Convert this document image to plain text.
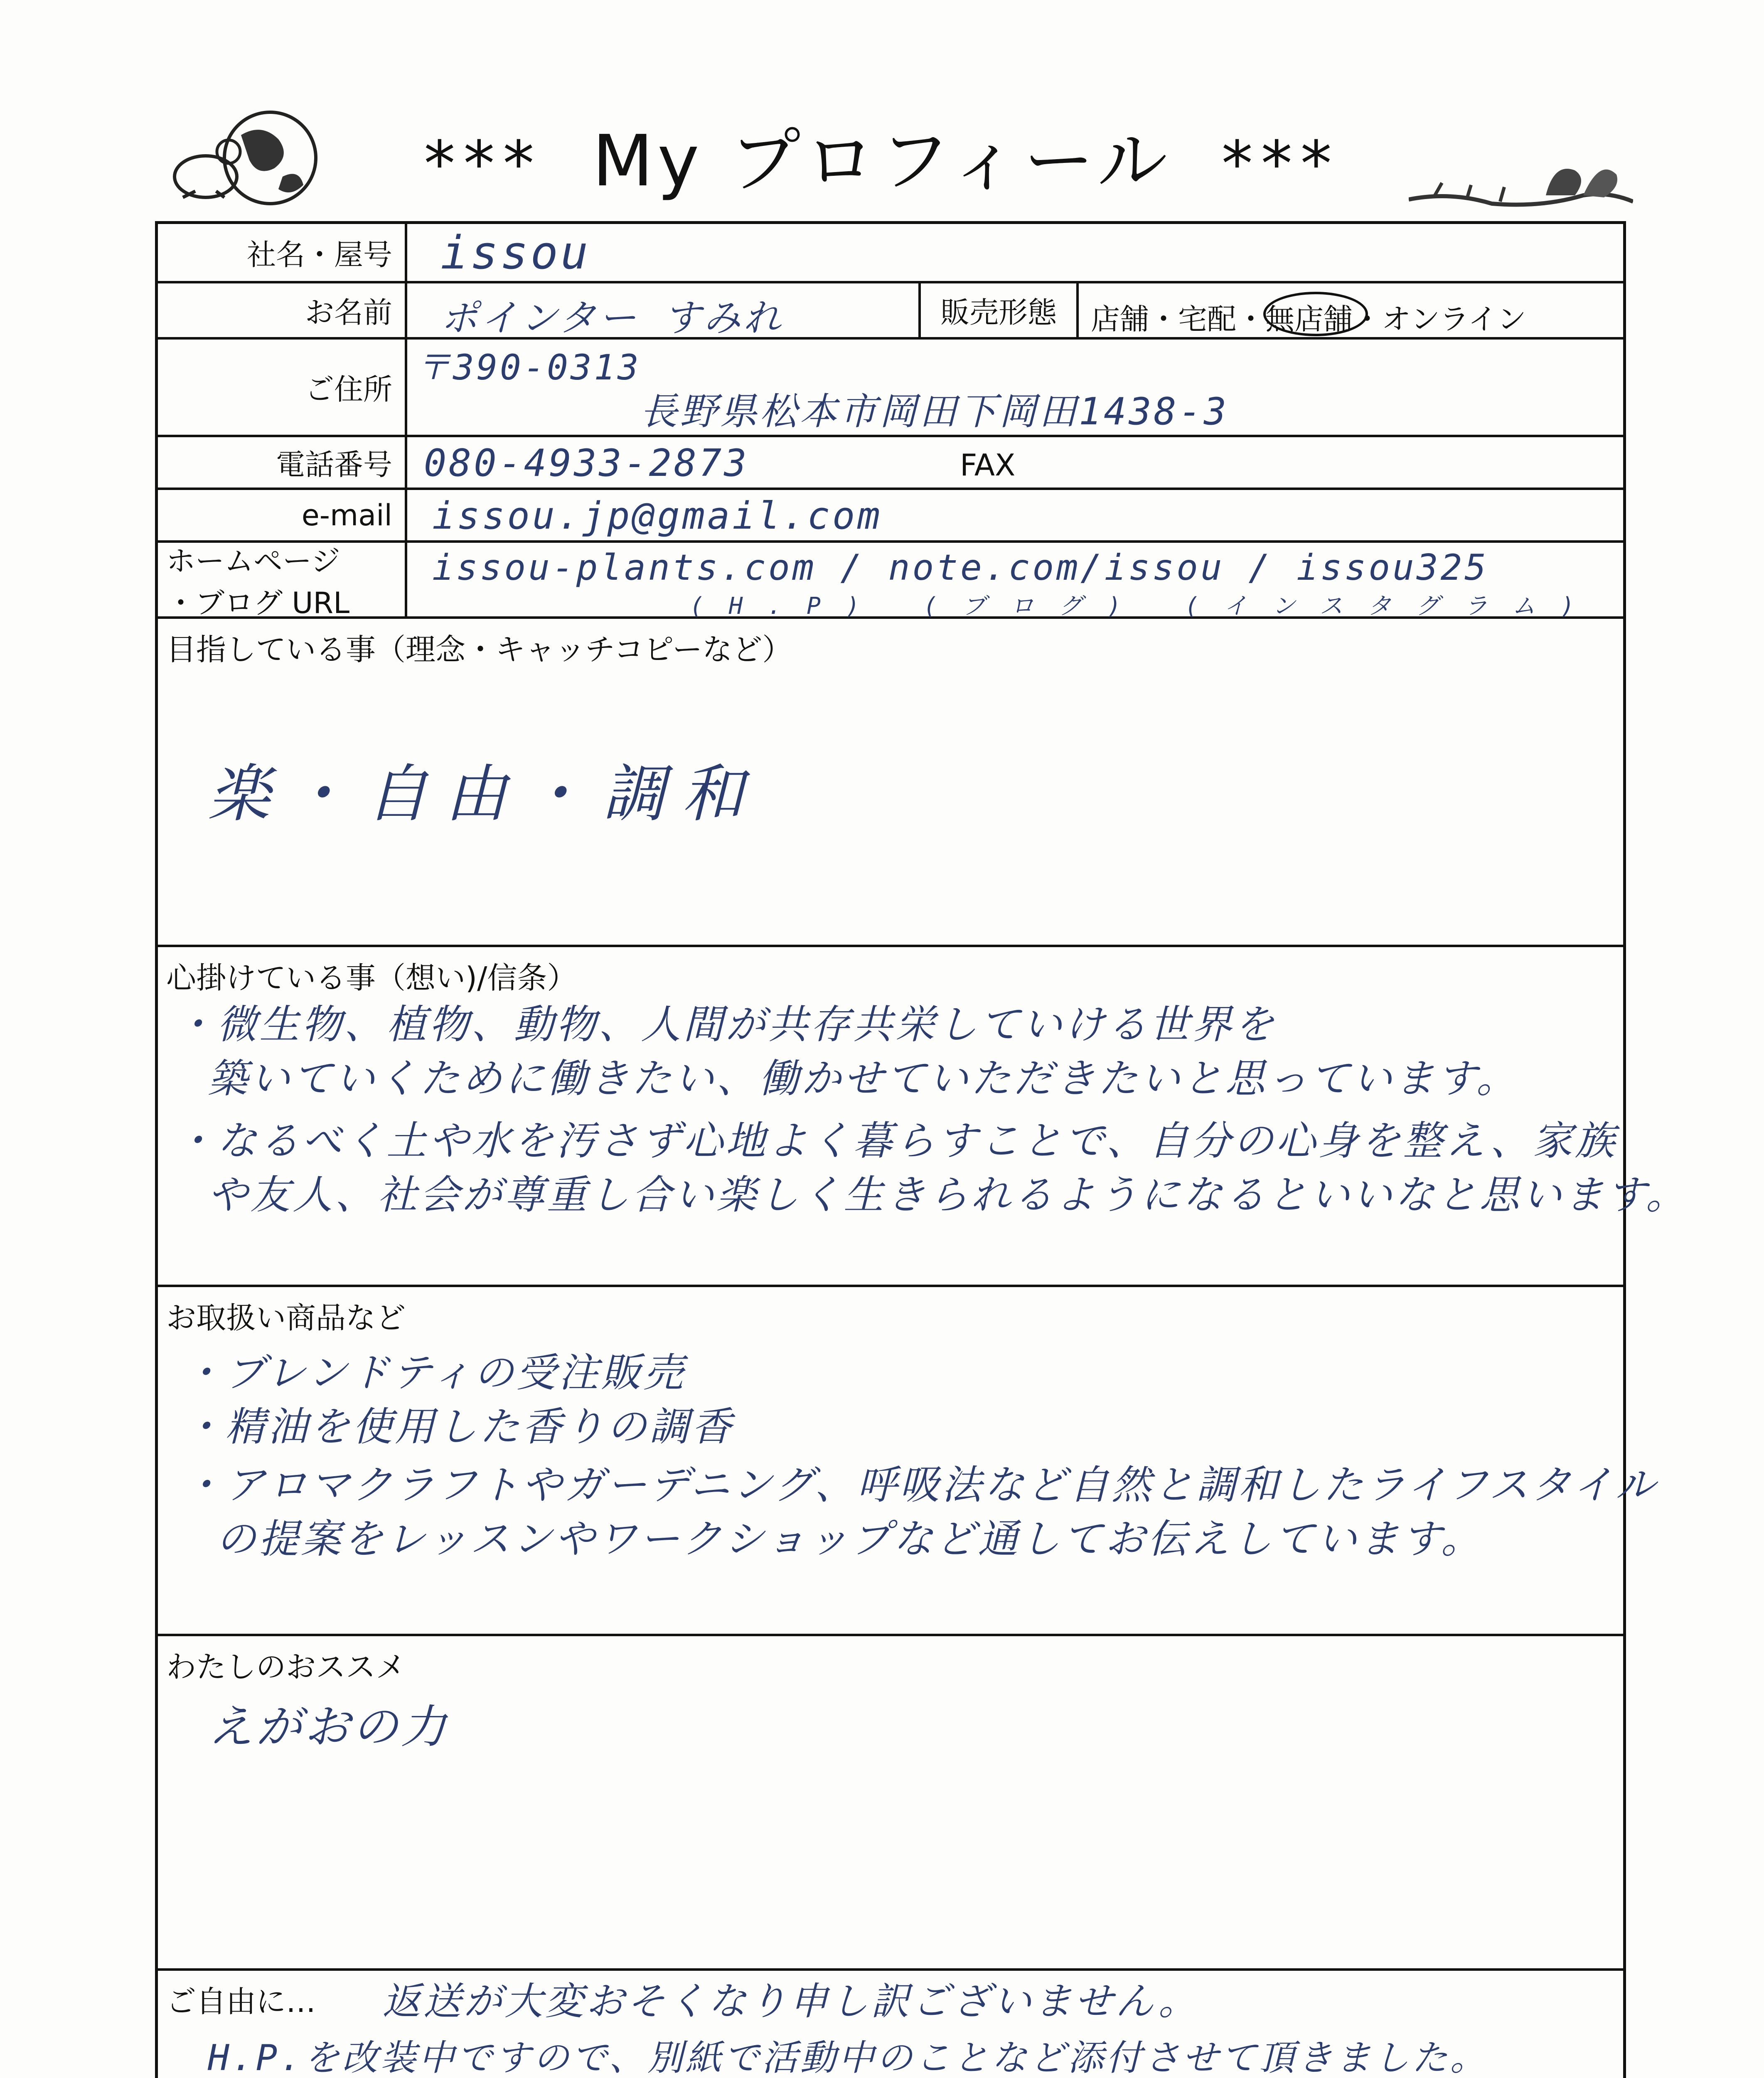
*** My プロフィール ***
社名・屋号	issou
お名前	ポインター すみれ	販売形態	店舗・宅配・無店舗・オンライン
ご住所
〒390-0313
長野県松本市岡田下岡田1438-3
電話番号 080-4933-2873	FAX
e-mail	issou.jp@gmail.com
ホームページ
・ブログ URL
issou-plants.com / note.com/issou / issou325
(H.P) (ブログ) (インスタグラム)
目指している事（理念・キャッチコピーなど）
楽・自由・調和
心掛けている事（想い)/信条）
・微生物、植物、動物、人間が共存共栄していける世界を
築いていくために働きたい、働かせていただきたいと思っています。
・なるべく土や水を汚さず心地よく暮らすことで、自分の心身を整え、家族
や友人、社会が尊重し合い楽しく生きられるようになるといいなと思います。
お取扱い商品など
・ブレンドティの受注販売
・精油を使用した香りの調香
・アロマクラフトやガーデニング、呼吸法など自然と調和したライフスタイル
の提案をレッスンやワークショップなど通してお伝えしています。
わたしのおススメ
えがおの力
ご自由に… 返送が大変おそくなり申し訳ございません。
H.P.を改装中ですので、別紙で活動中のことなど添付させて頂きました。
